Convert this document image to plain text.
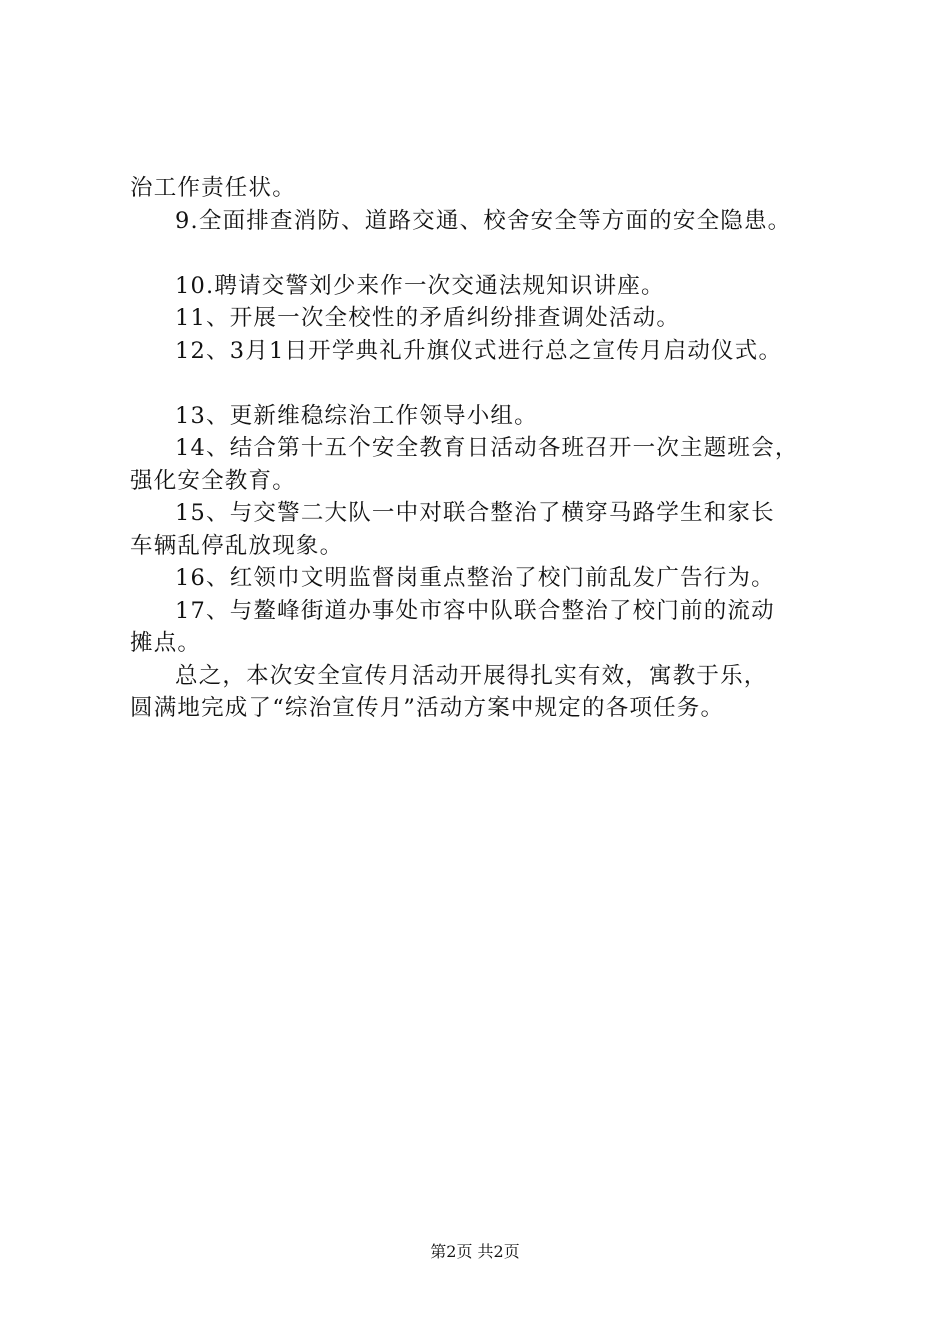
治工作责任状。
9.全面排查消防、道路交通、校舍安全等方面的安全隐患。
10.聘请交警刘少来作一次交通法规知识讲座。
11、开展一次全校性的矛盾纠纷排查调处活动。
12、3月1日开学典礼升旗仪式进行总之宣传月启动仪式。
13、更新维稳综治工作领导小组。
14、结合第十五个安全教育日活动各班召开一次主题班会，
强化安全教育。
15、与交警二大队一中对联合整治了横穿马路学生和家长
车辆乱停乱放现象。
16、红领巾文明监督岗重点整治了校门前乱发广告行为。
17、与鳌峰街道办事处市容中队联合整治了校门前的流动
摊点。
总之，本次安全宣传月活动开展得扎实有效，寓教于乐，
圆满地完成了“综治宣传月”活动方案中规定的各项任务。
第2页 共2页
